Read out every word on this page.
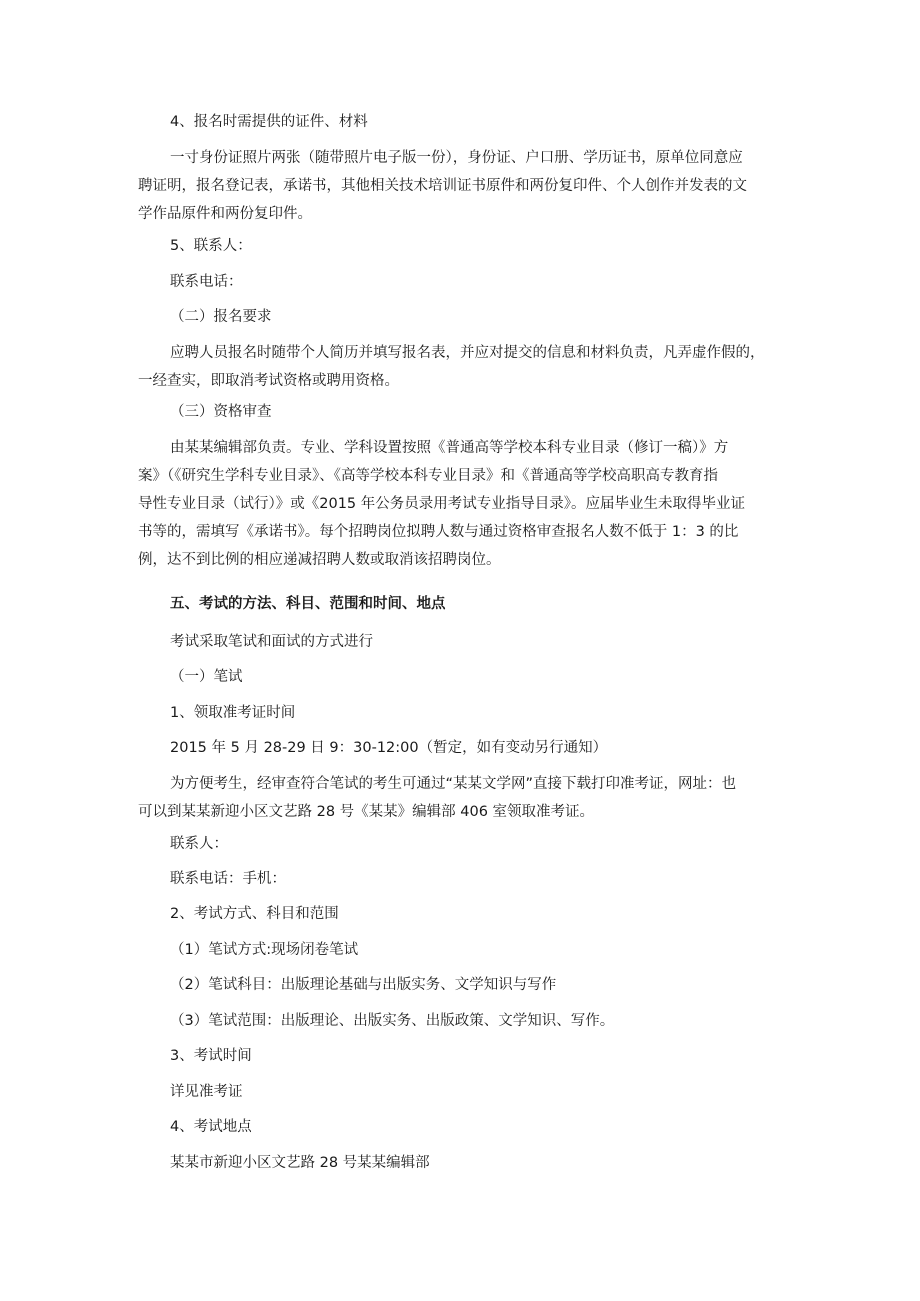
4、报名时需提供的证件、材料
一寸身份证照片两张（随带照片电子版一份），身份证、户口册、学历证书，原单位同意应
聘证明，报名登记表，承诺书，其他相关技术培训证书原件和两份复印件、个人创作并发表的文
学作品原件和两份复印件。
5、联系人：
联系电话：
（二）报名要求
应聘人员报名时随带个人简历并填写报名表，并应对提交的信息和材料负责，凡弄虚作假的，
一经查实，即取消考试资格或聘用资格。
（三）资格审查
由某某编辑部负责。专业、学科设置按照《普通高等学校本科专业目录（修订一稿）》方
案》（《研究生学科专业目录》、《高等学校本科专业目录》和《普通高等学校高职高专教育指
导性专业目录（试行）》或《2015 年公务员录用考试专业指导目录》。应届毕业生未取得毕业证
书等的，需填写《承诺书》。每个招聘岗位拟聘人数与通过资格审查报名人数不低于 1：3 的比
例，达不到比例的相应递减招聘人数或取消该招聘岗位。
五、考试的方法、科目、范围和时间、地点
考试采取笔试和面试的方式进行
（一）笔试
1、领取准考证时间
2015 年 5 月 28-29 日 9：30-12:00（暂定，如有变动另行通知）
为方便考生，经审查符合笔试的考生可通过“某某文学网”直接下载打印准考证，网址：也
可以到某某新迎小区文艺路 28 号《某某》编辑部 406 室领取准考证。
联系人：
联系电话：手机：
2、考试方式、科目和范围
（1）笔试方式:现场闭卷笔试
（2）笔试科目：出版理论基础与出版实务、文学知识与写作
（3）笔试范围：出版理论、出版实务、出版政策、文学知识、写作。
3、考试时间
详见准考证
4、考试地点
某某市新迎小区文艺路 28 号某某编辑部
